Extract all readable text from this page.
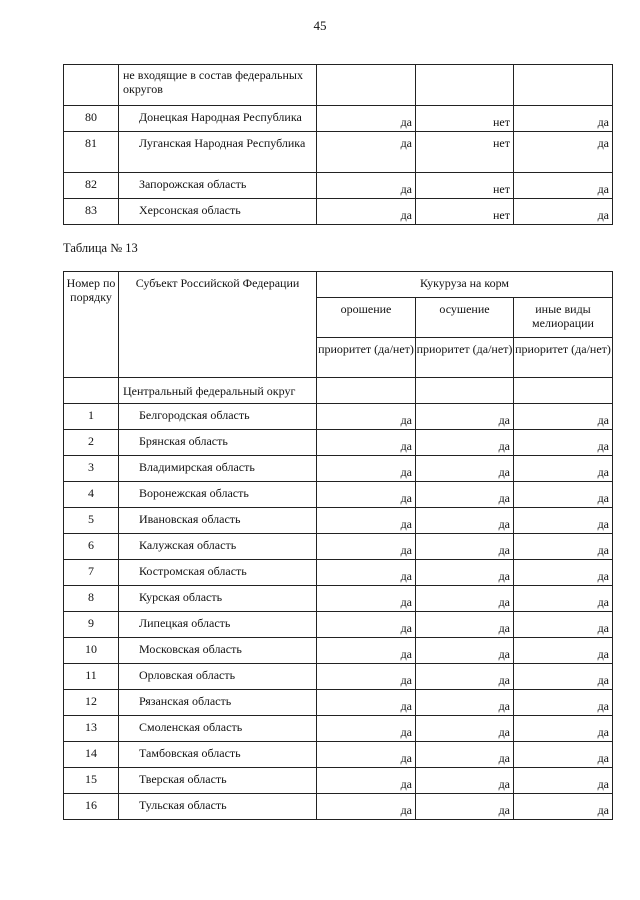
45
	не входящие в состав федеральных округов			
80	Донецкая Народная Республика	да	нет	да
81	Луганская Народная Республика	да	нет	да
82	Запорожская область	да	нет	да
83	Херсонская область	да	нет	да
Таблица № 13
Номер по порядку	Субъект Российской Федерации	Кукуруза на корм		
		орошение	осушение	иные виды мелиорации
		приоритет (да/нет)	приоритет (да/нет)	приоритет (да/нет)
	Центральный федеральный округ			
1	Белгородская область	да	да	да
2	Брянская область	да	да	да
3	Владимирская область	да	да	да
4	Воронежская область	да	да	да
5	Ивановская область	да	да	да
6	Калужская область	да	да	да
7	Костромская область	да	да	да
8	Курская область	да	да	да
9	Липецкая область	да	да	да
10	Московская область	да	да	да
11	Орловская область	да	да	да
12	Рязанская область	да	да	да
13	Смоленская область	да	да	да
14	Тамбовская область	да	да	да
15	Тверская область	да	да	да
16	Тульская область	да	да	да
